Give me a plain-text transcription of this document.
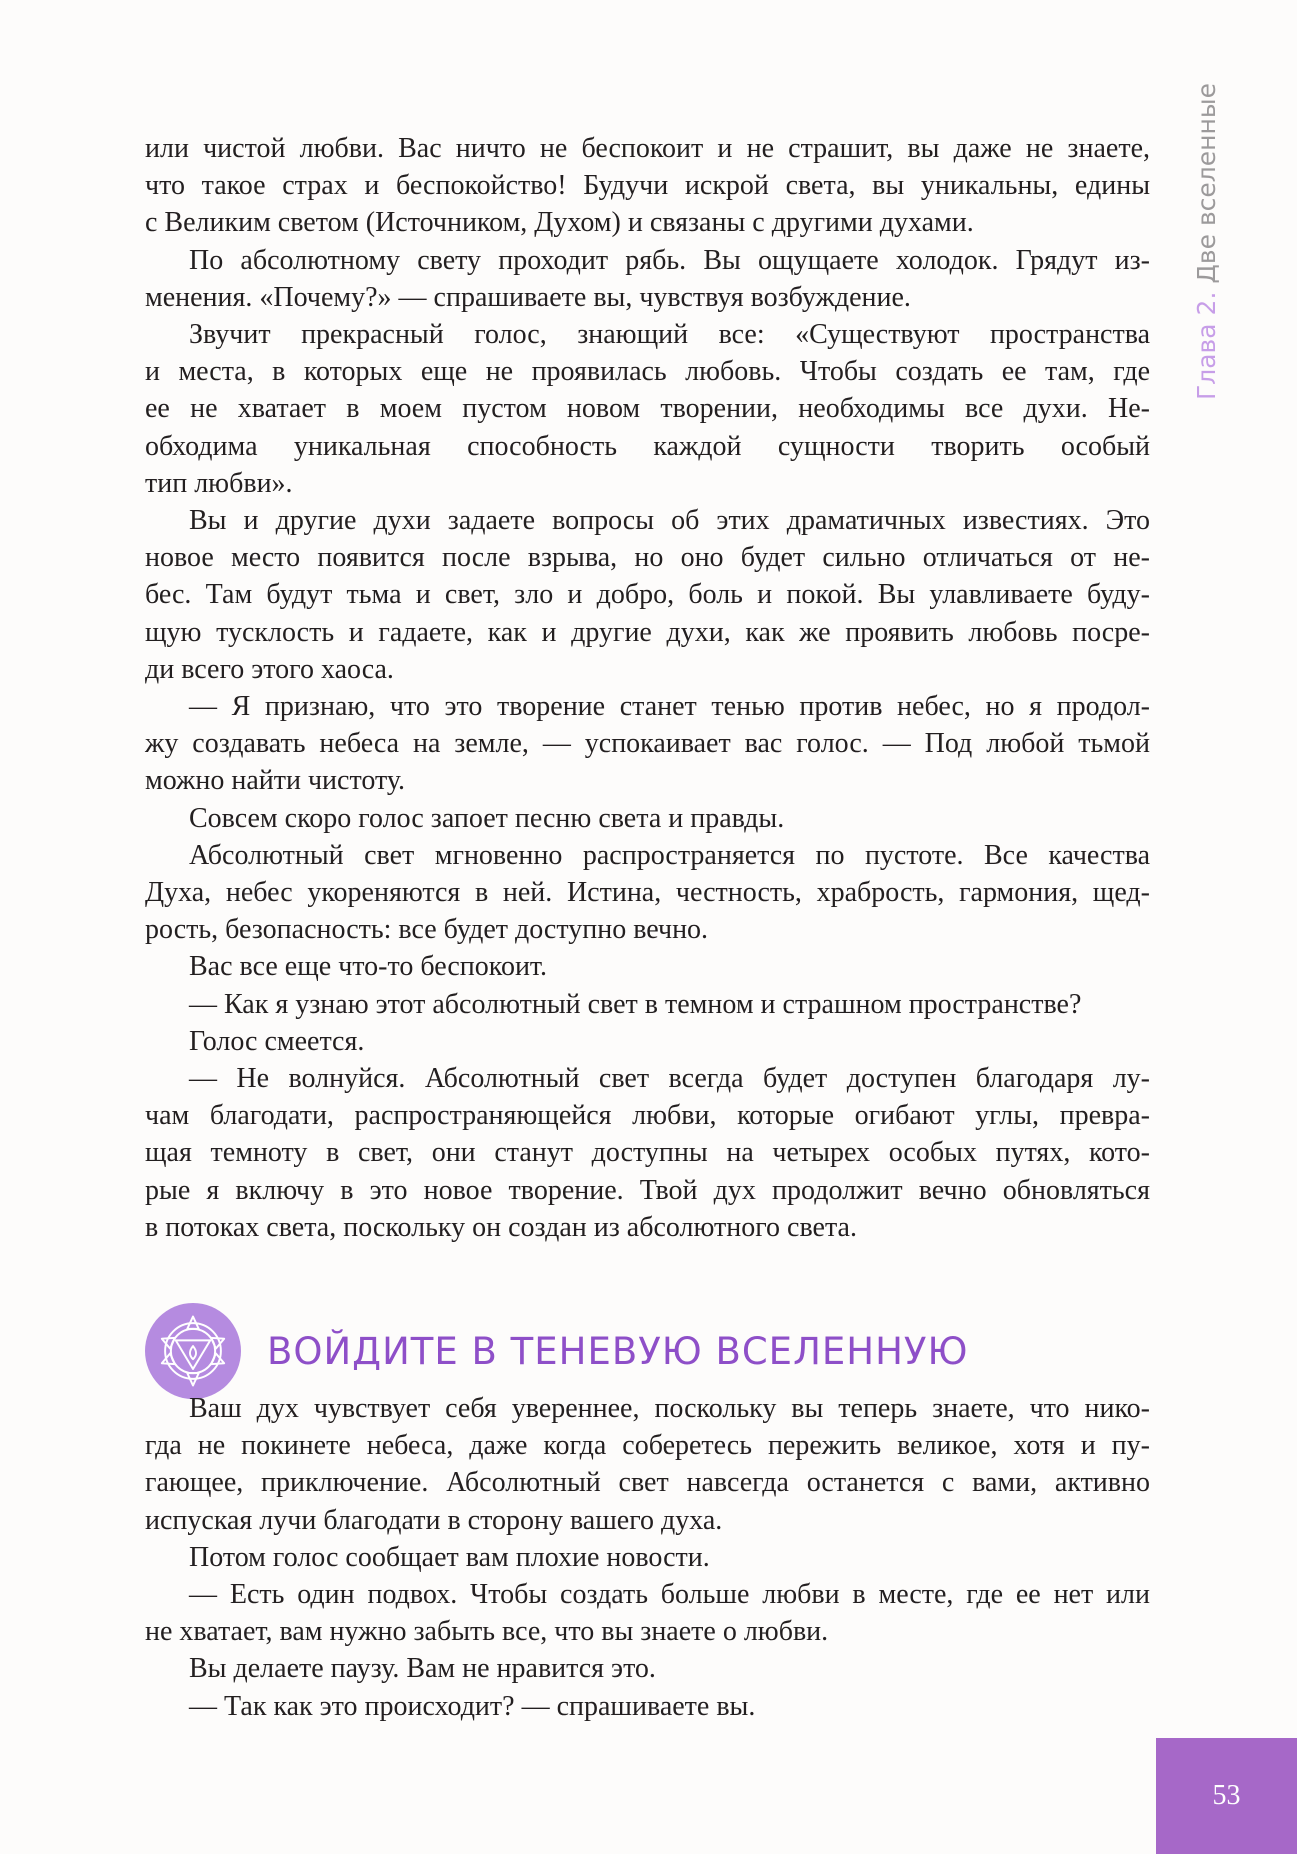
Глава 2. Две вселенные
или чистой любви. Вас ничто не беспокоит и не страшит, вы даже не знаете,
что такое страх и беспокойство! Будучи искрой света, вы уникальны, едины
с Великим светом (Источником, Духом) и связаны с другими духами.
По абсолютному свету проходит рябь. Вы ощущаете холодок. Грядут из-
менения. «Почему?» — спрашиваете вы, чувствуя возбуждение.
Звучит прекрасный голос, знающий все: «Существуют пространства
и места, в которых еще не проявилась любовь. Чтобы создать ее там, где
ее не хватает в моем пустом новом творении, необходимы все духи. Не-
обходима уникальная способность каждой сущности творить особый
тип любви».
Вы и другие духи задаете вопросы об этих драматичных известиях. Это
новое место появится после взрыва, но оно будет сильно отличаться от не-
бес. Там будут тьма и свет, зло и добро, боль и покой. Вы улавливаете буду-
щую тусклость и гадаете, как и другие духи, как же проявить любовь посре-
ди всего этого хаоса.
— Я признаю, что это творение станет тенью против небес, но я продол-
жу создавать небеса на земле, — успокаивает вас голос. — Под любой тьмой
можно найти чистоту.
Совсем скоро голос запоет песню света и правды.
Абсолютный свет мгновенно распространяется по пустоте. Все качества
Духа, небес укореняются в ней. Истина, честность, храбрость, гармония, щед-
рость, безопасность: все будет доступно вечно.
Вас все еще что-то беспокоит.
— Как я узнаю этот абсолютный свет в темном и страшном пространстве?
Голос смеется.
— Не волнуйся. Абсолютный свет всегда будет доступен благодаря лу-
чам благодати, распространяющейся любви, которые огибают углы, превра-
щая темноту в свет, они станут доступны на четырех особых путях, кото-
рые я включу в это новое творение. Твой дух продолжит вечно обновляться
в потоках света, поскольку он создан из абсолютного света.
ВОЙДИТЕ В ТЕНЕВУЮ ВСЕЛЕННУЮ
Ваш дух чувствует себя увереннее, поскольку вы теперь знаете, что нико-
гда не покинете небеса, даже когда соберетесь пережить великое, хотя и пу-
гающее, приключение. Абсолютный свет навсегда останется с вами, активно
испуская лучи благодати в сторону вашего духа.
Потом голос сообщает вам плохие новости.
— Есть один подвох. Чтобы создать больше любви в месте, где ее нет или
не хватает, вам нужно забыть все, что вы знаете о любви.
Вы делаете паузу. Вам не нравится это.
— Так как это происходит? — спрашиваете вы.
53
